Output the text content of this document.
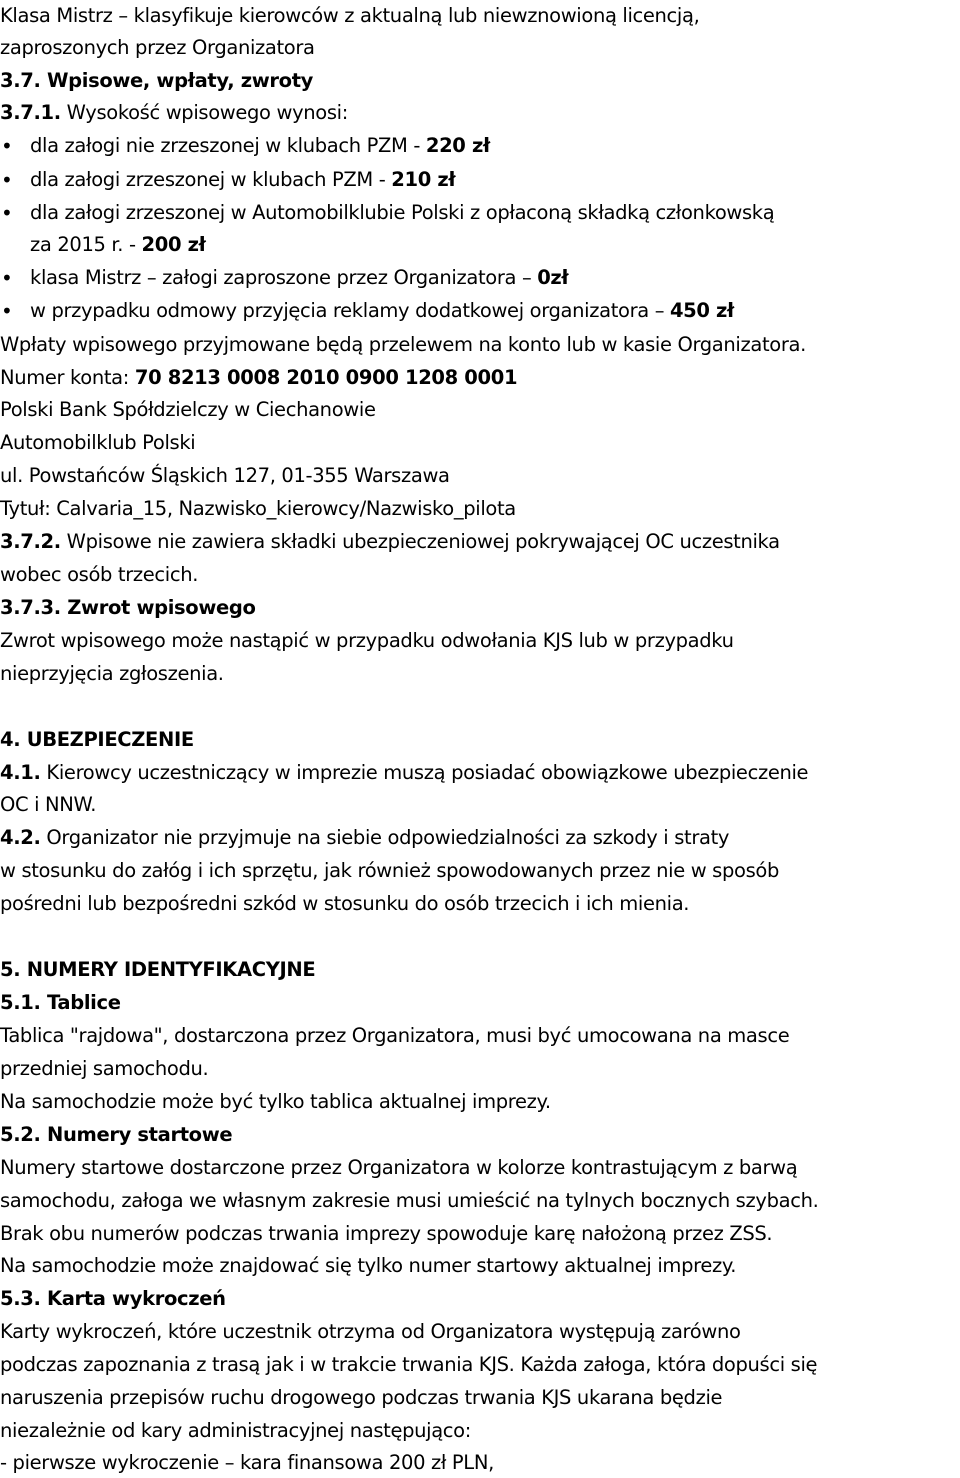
Klasa Mistrz – klasyfikuje kierowców z aktualną lub niewznowioną licencją,
zaproszonych przez Organizatora
3.7. Wpisowe, wpłaty, zwroty
3.7.1. Wysokość wpisowego wynosi:
• dla załogi nie zrzeszonej w klubach PZM - 220 zł
• dla załogi zrzeszonej w klubach PZM - 210 zł
• dla załogi zrzeszonej w Automobilklubie Polski z opłaconą składką członkowską
za 2015 r. - 200 zł
• klasa Mistrz – załogi zaproszone przez Organizatora – 0zł
• w przypadku odmowy przyjęcia reklamy dodatkowej organizatora – 450 zł
Wpłaty wpisowego przyjmowane będą przelewem na konto lub w kasie Organizatora.
Numer konta: 70 8213 0008 2010 0900 1208 0001
Polski Bank Spółdzielczy w Ciechanowie
Automobilklub Polski
ul. Powstańców Śląskich 127, 01-355 Warszawa
Tytuł: Calvaria_15, Nazwisko_kierowcy/Nazwisko_pilota
3.7.2. Wpisowe nie zawiera składki ubezpieczeniowej pokrywającej OC uczestnika
wobec osób trzecich.
3.7.3. Zwrot wpisowego
Zwrot wpisowego może nastąpić w przypadku odwołania KJS lub w przypadku
nieprzyjęcia zgłoszenia.
4. UBEZPIECZENIE
4.1. Kierowcy uczestniczący w imprezie muszą posiadać obowiązkowe ubezpieczenie
OC i NNW.
4.2. Organizator nie przyjmuje na siebie odpowiedzialności za szkody i straty
w stosunku do załóg i ich sprzętu, jak również spowodowanych przez nie w sposób
pośredni lub bezpośredni szkód w stosunku do osób trzecich i ich mienia.
5. NUMERY IDENTYFIKACYJNE
5.1. Tablice
Tablica "rajdowa", dostarczona przez Organizatora, musi być umocowana na masce
przedniej samochodu.
Na samochodzie może być tylko tablica aktualnej imprezy.
5.2. Numery startowe
Numery startowe dostarczone przez Organizatora w kolorze kontrastującym z barwą
samochodu, załoga we własnym zakresie musi umieścić na tylnych bocznych szybach.
Brak obu numerów podczas trwania imprezy spowoduje karę nałożoną przez ZSS.
Na samochodzie może znajdować się tylko numer startowy aktualnej imprezy.
5.3. Karta wykroczeń
Karty wykroczeń, które uczestnik otrzyma od Organizatora występują zarówno
podczas zapoznania z trasą jak i w trakcie trwania KJS. Każda załoga, która dopuści się
naruszenia przepisów ruchu drogowego podczas trwania KJS ukarana będzie
niezależnie od kary administracyjnej następująco:
- pierwsze wykroczenie – kara finansowa 200 zł PLN,
